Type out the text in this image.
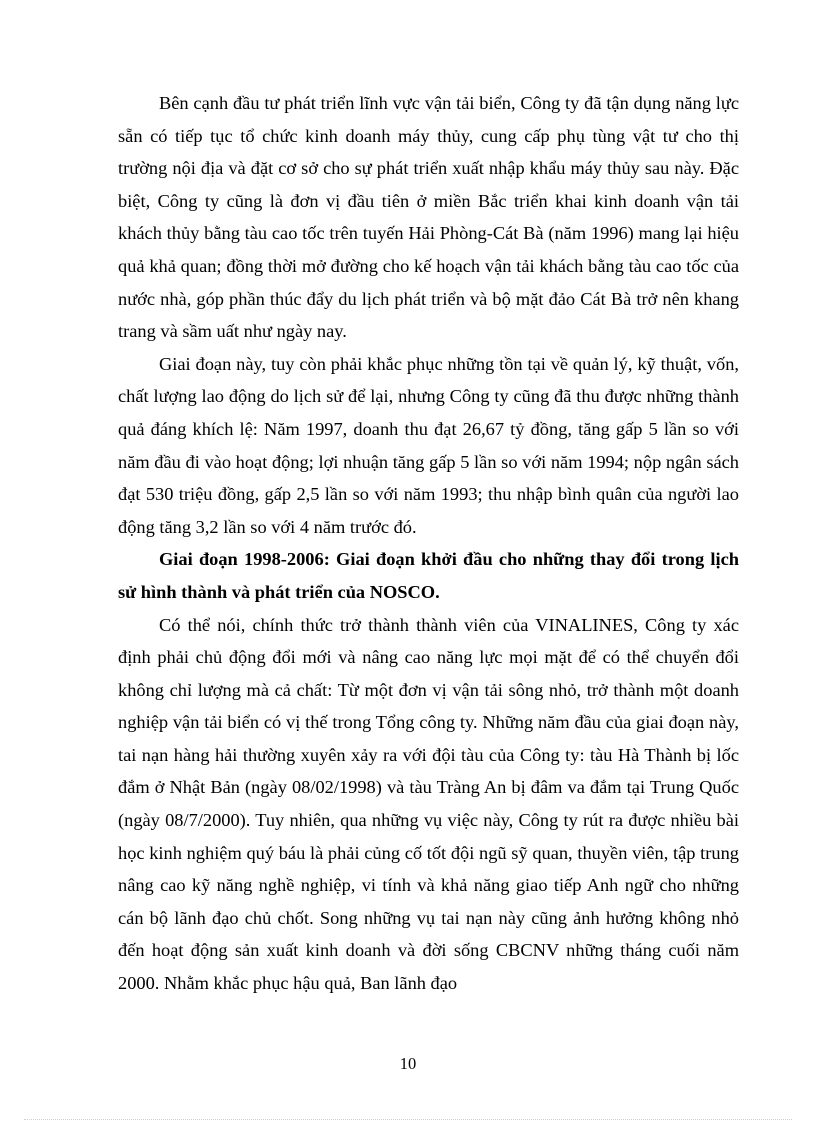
Bên cạnh đầu tư phát triển lĩnh vực vận tải biển, Công ty đã tận dụng năng lực sẵn có tiếp tục tổ chức kinh doanh máy thủy, cung cấp phụ tùng vật tư cho thị trường nội địa và đặt cơ sở cho sự phát triển xuất nhập khẩu máy thủy sau này. Đặc biệt, Công ty cũng là đơn vị đầu tiên ở miền Bắc triển khai kinh doanh vận tải khách thủy bằng tàu cao tốc trên tuyến Hải Phòng-Cát Bà (năm 1996) mang lại hiệu quả khả quan; đồng thời mở đường cho kế hoạch vận tải khách bằng tàu cao tốc của nước nhà, góp phần thúc đẩy du lịch phát triển và bộ mặt đảo Cát Bà trở nên khang trang và sầm uất như ngày nay.

Giai đoạn này, tuy còn phải khắc phục những tồn tại về quản lý, kỹ thuật, vốn, chất lượng lao động do lịch sử để lại, nhưng Công ty cũng đã thu được những thành quả đáng khích lệ: Năm 1997, doanh thu đạt 26,67 tỷ đồng, tăng gấp 5 lần so với năm đầu đi vào hoạt động; lợi nhuận tăng gấp 5 lần so với năm 1994; nộp ngân sách đạt 530 triệu đồng, gấp 2,5 lần so với năm 1993; thu nhập bình quân của người lao động tăng 3,2 lần so với 4 năm trước đó.

Giai đoạn 1998-2006: Giai đoạn khởi đầu cho những thay đổi trong lịch sử hình thành và phát triển của NOSCO.

Có thể nói, chính thức trở thành thành viên của VINALINES, Công ty xác định phải chủ động đổi mới và nâng cao năng lực mọi mặt để có thể chuyển đổi không chỉ lượng mà cả chất: Từ một đơn vị vận tải sông nhỏ, trở thành một doanh nghiệp vận tải biển có vị thế trong Tổng công ty. Những năm đầu của giai đoạn này, tai nạn hàng hải thường xuyên xảy ra với đội tàu của Công ty: tàu Hà Thành bị lốc đắm ở Nhật Bản (ngày 08/02/1998) và tàu Tràng An bị đâm va đắm tại Trung Quốc (ngày 08/7/2000). Tuy nhiên, qua những vụ việc này, Công ty rút ra được nhiều bài học kinh nghiệm quý báu là phải củng cố tốt đội ngũ sỹ quan, thuyền viên, tập trung nâng cao kỹ năng nghề nghiệp, vi tính và khả năng giao tiếp Anh ngữ cho những cán bộ lãnh đạo chủ chốt. Song những vụ tai nạn này cũng ảnh hưởng không nhỏ đến hoạt động sản xuất kinh doanh và đời sống CBCNV những tháng cuối năm 2000. Nhằm khắc phục hậu quả, Ban lãnh đạo

10
